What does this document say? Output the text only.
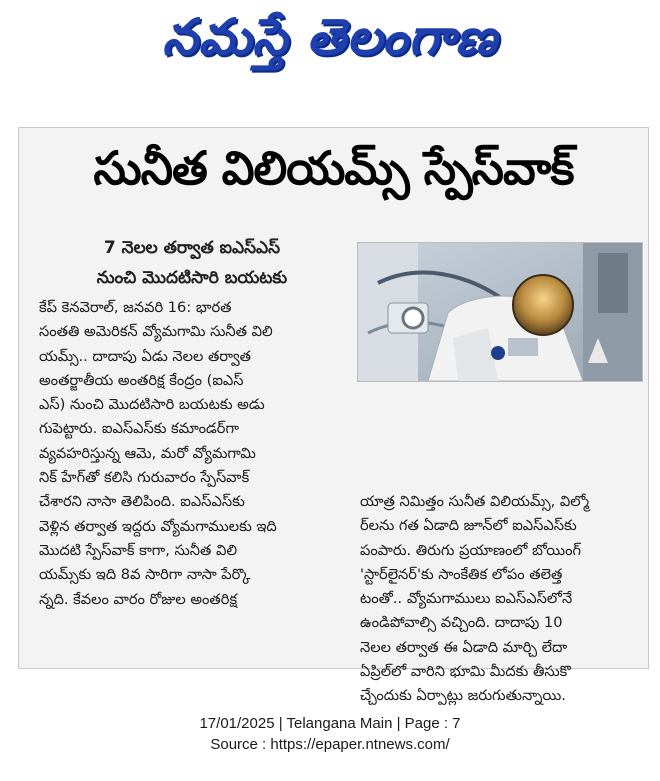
నమస్తే తెలంగాణ
సునీత విలియమ్స్ స్పేస్‌వాక్
7 నెలల తర్వాత ఐఎస్ఎస్
నుంచి మొదటిసారి బయటకు
కేప్ కెనవెరాల్, జనవరి 16: భారత
సంతతి అమెరికన్ వ్యోమగామి సునీత విలి
యమ్స్.. దాదాపు ఏడు నెలల తర్వాత
అంతర్జాతీయ అంతరిక్ష కేంద్రం (ఐఎస్
ఎస్) నుంచి మొదటిసారి బయటకు అడు
గుపెట్టారు. ఐఎస్ఎస్‌కు కమాండర్‌గా
వ్యవహరిస్తున్న ఆమె, మరో వ్యోమగామి
నిక్ హేగ్‌తో కలిసి గురువారం స్పేస్‌వాక్
చేశారని నాసా తెలిపింది. ఐఎస్ఎస్‌కు
వెళ్లిన తర్వాత ఇద్దరు వ్యోమగాములకు ఇది
మొదటి స్పేస్‌వాక్ కాగా, సునీత విలి
యమ్స్‌కు ఇది 8వ సారిగా నాసా పేర్కొ
న్నది. కేవలం వారం రోజుల అంతరిక్ష
యాత్ర నిమిత్తం సునీత విలియమ్స్, విల్మో
ర్‌లను గత ఏడాది జూన్‌లో ఐఎస్ఎస్‌కు
పంపారు. తిరుగు ప్రయాణంలో బోయింగ్
'స్టార్‌లైనర్'కు సాంకేతిక లోపం తలెత్త
టంతో.. వ్యోమగాములు ఐఎస్ఎస్‌లోనే
ఉండిపోవాల్సి వచ్చింది. దాదాపు 10
నెలల తర్వాత ఈ ఏడాది మార్చి లేదా
ఏప్రిల్‌లో వారిని భూమి మీదకు తీసుకొ
చ్చేందుకు ఏర్పాట్లు జరుగుతున్నాయి.
17/01/2025 | Telangana Main | Page : 7
Source : https://epaper.ntnews.com/
